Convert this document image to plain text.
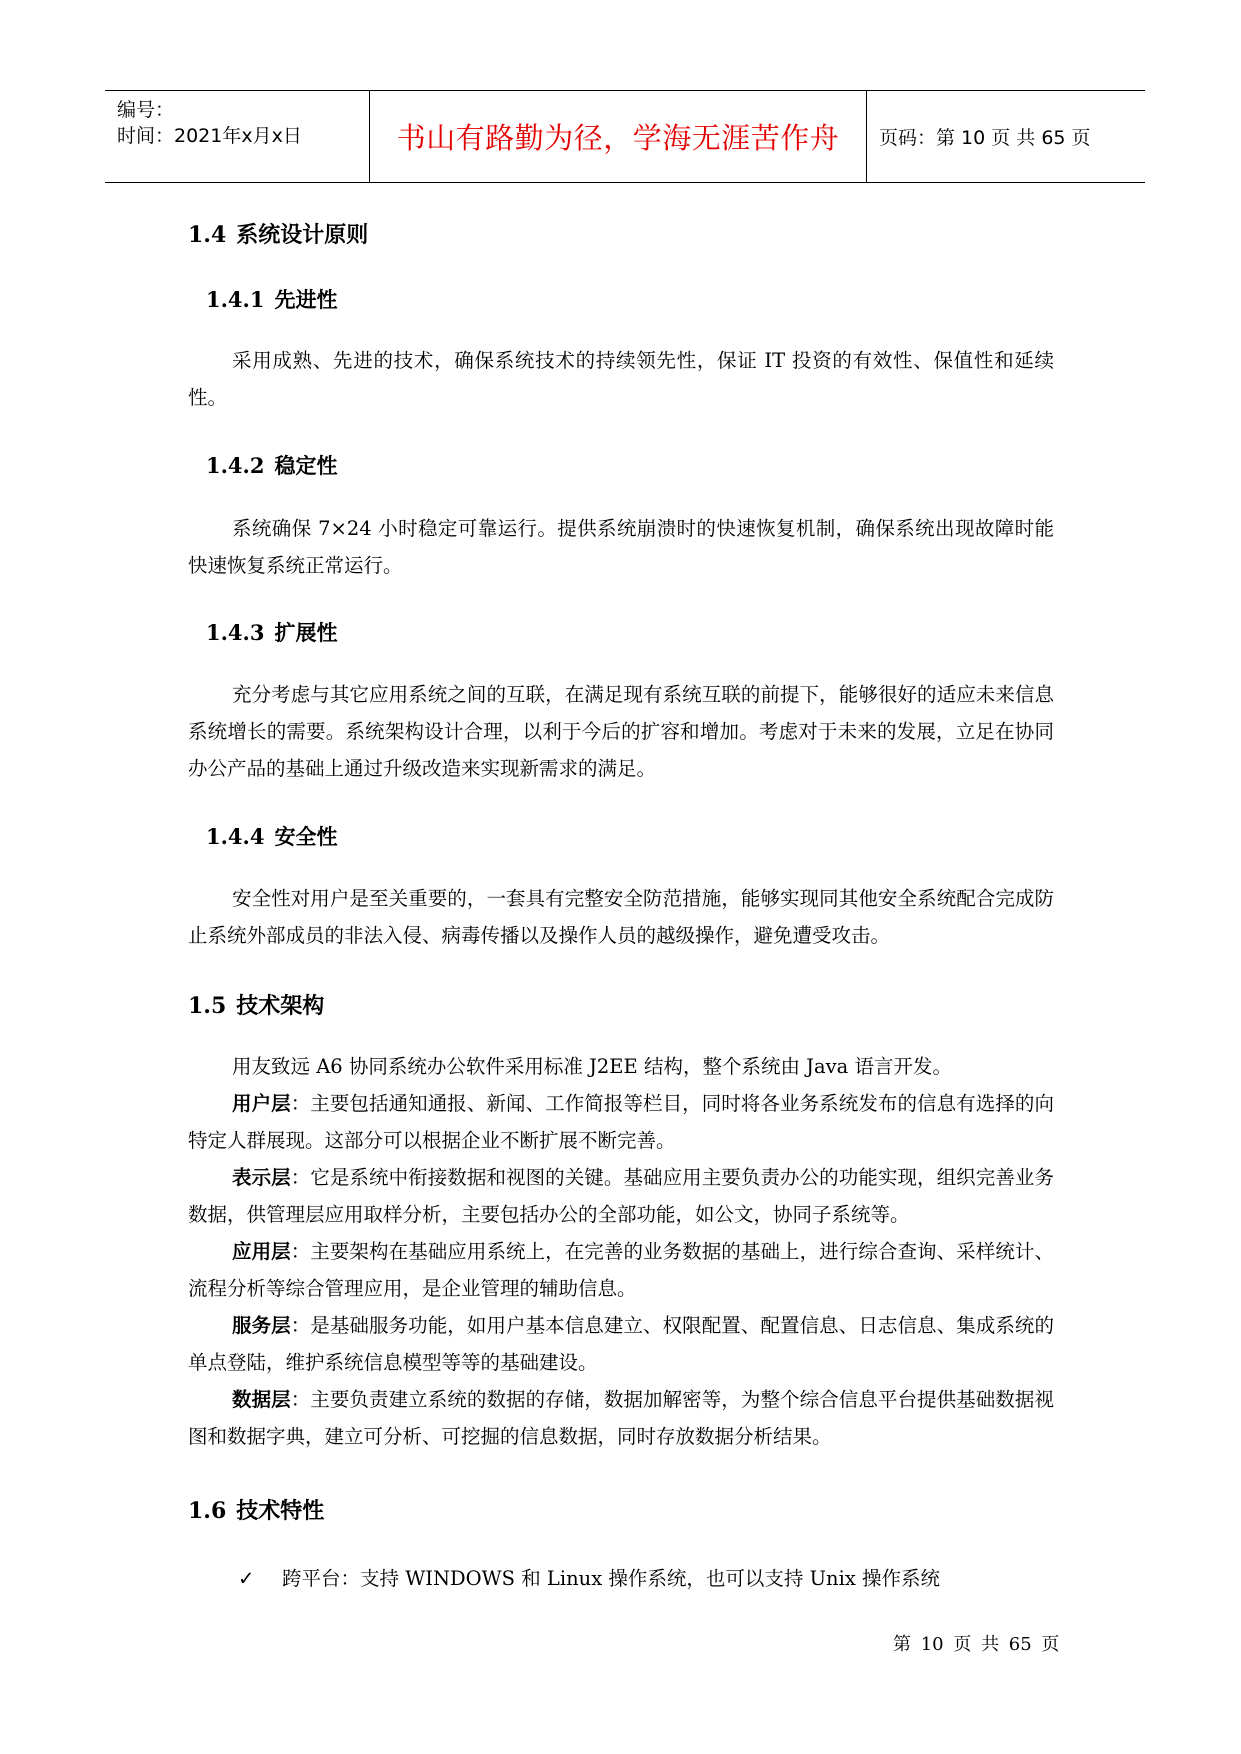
编号：
时间：2021年x月x日	书山有路勤为径，学海无涯苦作舟	页码：第 10 页 共 65 页
1.4 系统设计原则
1.4.1 先进性
采用成熟、先进的技术，确保系统技术的持续领先性，保证 IT 投资的有效性、保值性和延续性。
1.4.2 稳定性
系统确保 7×24 小时稳定可靠运行。提供系统崩溃时的快速恢复机制，确保系统出现故障时能快速恢复系统正常运行。
1.4.3 扩展性
充分考虑与其它应用系统之间的互联，在满足现有系统互联的前提下，能够很好的适应未来信息系统增长的需要。系统架构设计合理，以利于今后的扩容和增加。考虑对于未来的发展，立足在协同办公产品的基础上通过升级改造来实现新需求的满足。
1.4.4 安全性
安全性对用户是至关重要的，一套具有完整安全防范措施，能够实现同其他安全系统配合完成防止系统外部成员的非法入侵、病毒传播以及操作人员的越级操作，避免遭受攻击。
1.5 技术架构
用友致远 A6 协同系统办公软件采用标准 J2EE 结构，整个系统由 Java 语言开发。
用户层：主要包括通知通报、新闻、工作简报等栏目，同时将各业务系统发布的信息有选择的向特定人群展现。这部分可以根据企业不断扩展不断完善。
表示层：它是系统中衔接数据和视图的关键。基础应用主要负责办公的功能实现，组织完善业务数据，供管理层应用取样分析，主要包括办公的全部功能，如公文，协同子系统等。
应用层：主要架构在基础应用系统上，在完善的业务数据的基础上，进行综合查询、采样统计、流程分析等综合管理应用，是企业管理的辅助信息。
服务层：是基础服务功能，如用户基本信息建立、权限配置、配置信息、日志信息、集成系统的单点登陆，维护系统信息模型等等的基础建设。
数据层：主要负责建立系统的数据的存储，数据加解密等，为整个综合信息平台提供基础数据视图和数据字典，建立可分析、可挖掘的信息数据，同时存放数据分析结果。
1.6 技术特性
✓ 跨平台：支持 WINDOWS 和 Linux 操作系统，也可以支持 Unix 操作系统
第 10 页 共 65 页
